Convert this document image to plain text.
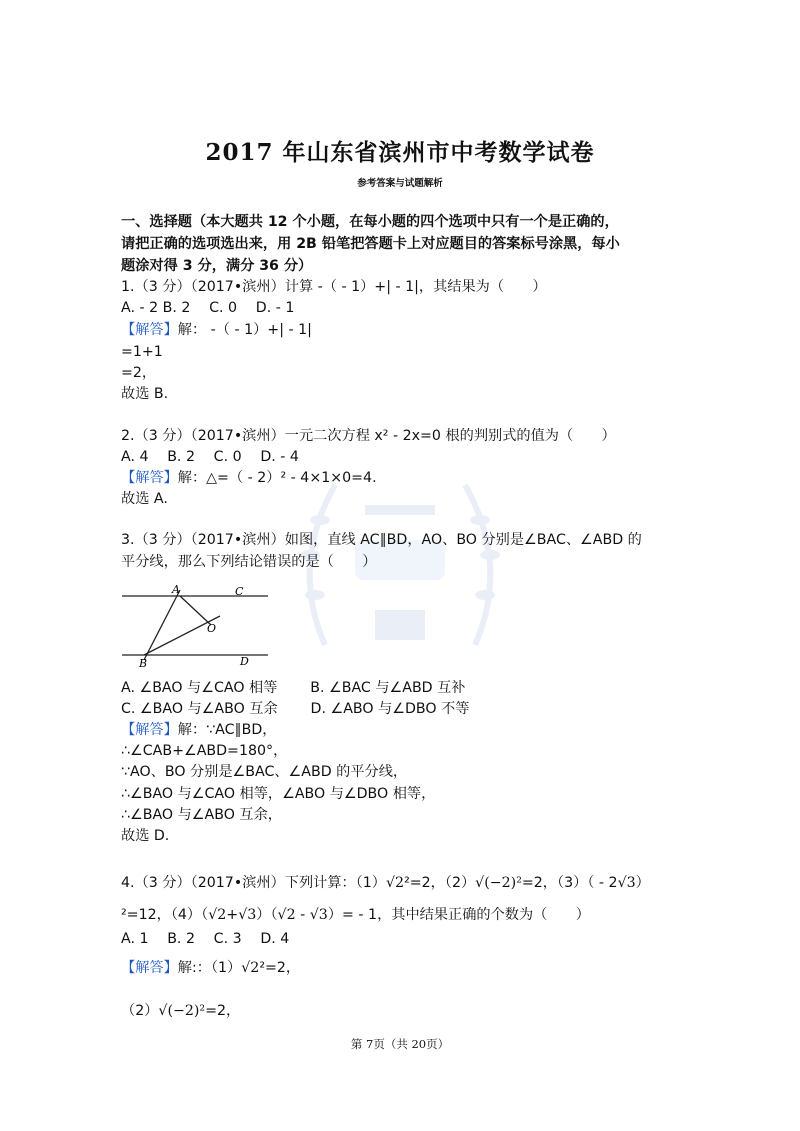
2017 年山东省滨州市中考数学试卷
参考答案与试题解析
一、选择题（本大题共 12 个小题，在每小题的四个选项中只有一个是正确的，
请把正确的选项选出来，用 2B 铅笔把答题卡上对应题目的答案标号涂黑，每小
题涂对得 3 分，满分 36 分）
1.（3 分）（2017•滨州）计算 -（ - 1）+| - 1|，其结果为（　　）
A. - 2 B. 2　 C. 0　 D. - 1
【解答】解： -（ - 1）+| - 1|
=1+1
=2，
故选 B.
2.（3 分）（2017•滨州）一元二次方程 x² - 2x=0 根的判别式的值为（　　）
A. 4　 B. 2　 C. 0　 D. - 4
【解答】解：△=（ - 2）² - 4×1×0=4.
故选 A.
3.（3 分）（2017•滨州）如图，直线 AC∥BD，AO、BO 分别是∠BAC、∠ABD 的
平分线，那么下列结论错误的是（　　）
A	C
O
B	D
A. ∠BAO 与∠CAO 相等　　 B. ∠BAC 与∠ABD 互补
C. ∠BAO 与∠ABO 互余　　 D. ∠ABO 与∠DBO 不等
【解答】解：∵AC∥BD，
∴∠CAB+∠ABD=180°，
∵AO、BO 分别是∠BAC、∠ABD 的平分线，
∴∠BAO 与∠CAO 相等，∠ABO 与∠DBO 相等，
∴∠BAO 与∠ABO 互余，
故选 D.
4.（3 分）（2017•滨州）下列计算：（1）√2²=2，（2）√(−2)²=2，（3）（ - 2√3）
²=12，（4）（√2+√3）（√2 - √3）= - 1，其中结果正确的个数为（　　）
A. 1　 B. 2　 C. 3　 D. 4
【解答】解:：（1）√2²=2，
（2）√(−2)²=2，
第 7页（共 20页）
